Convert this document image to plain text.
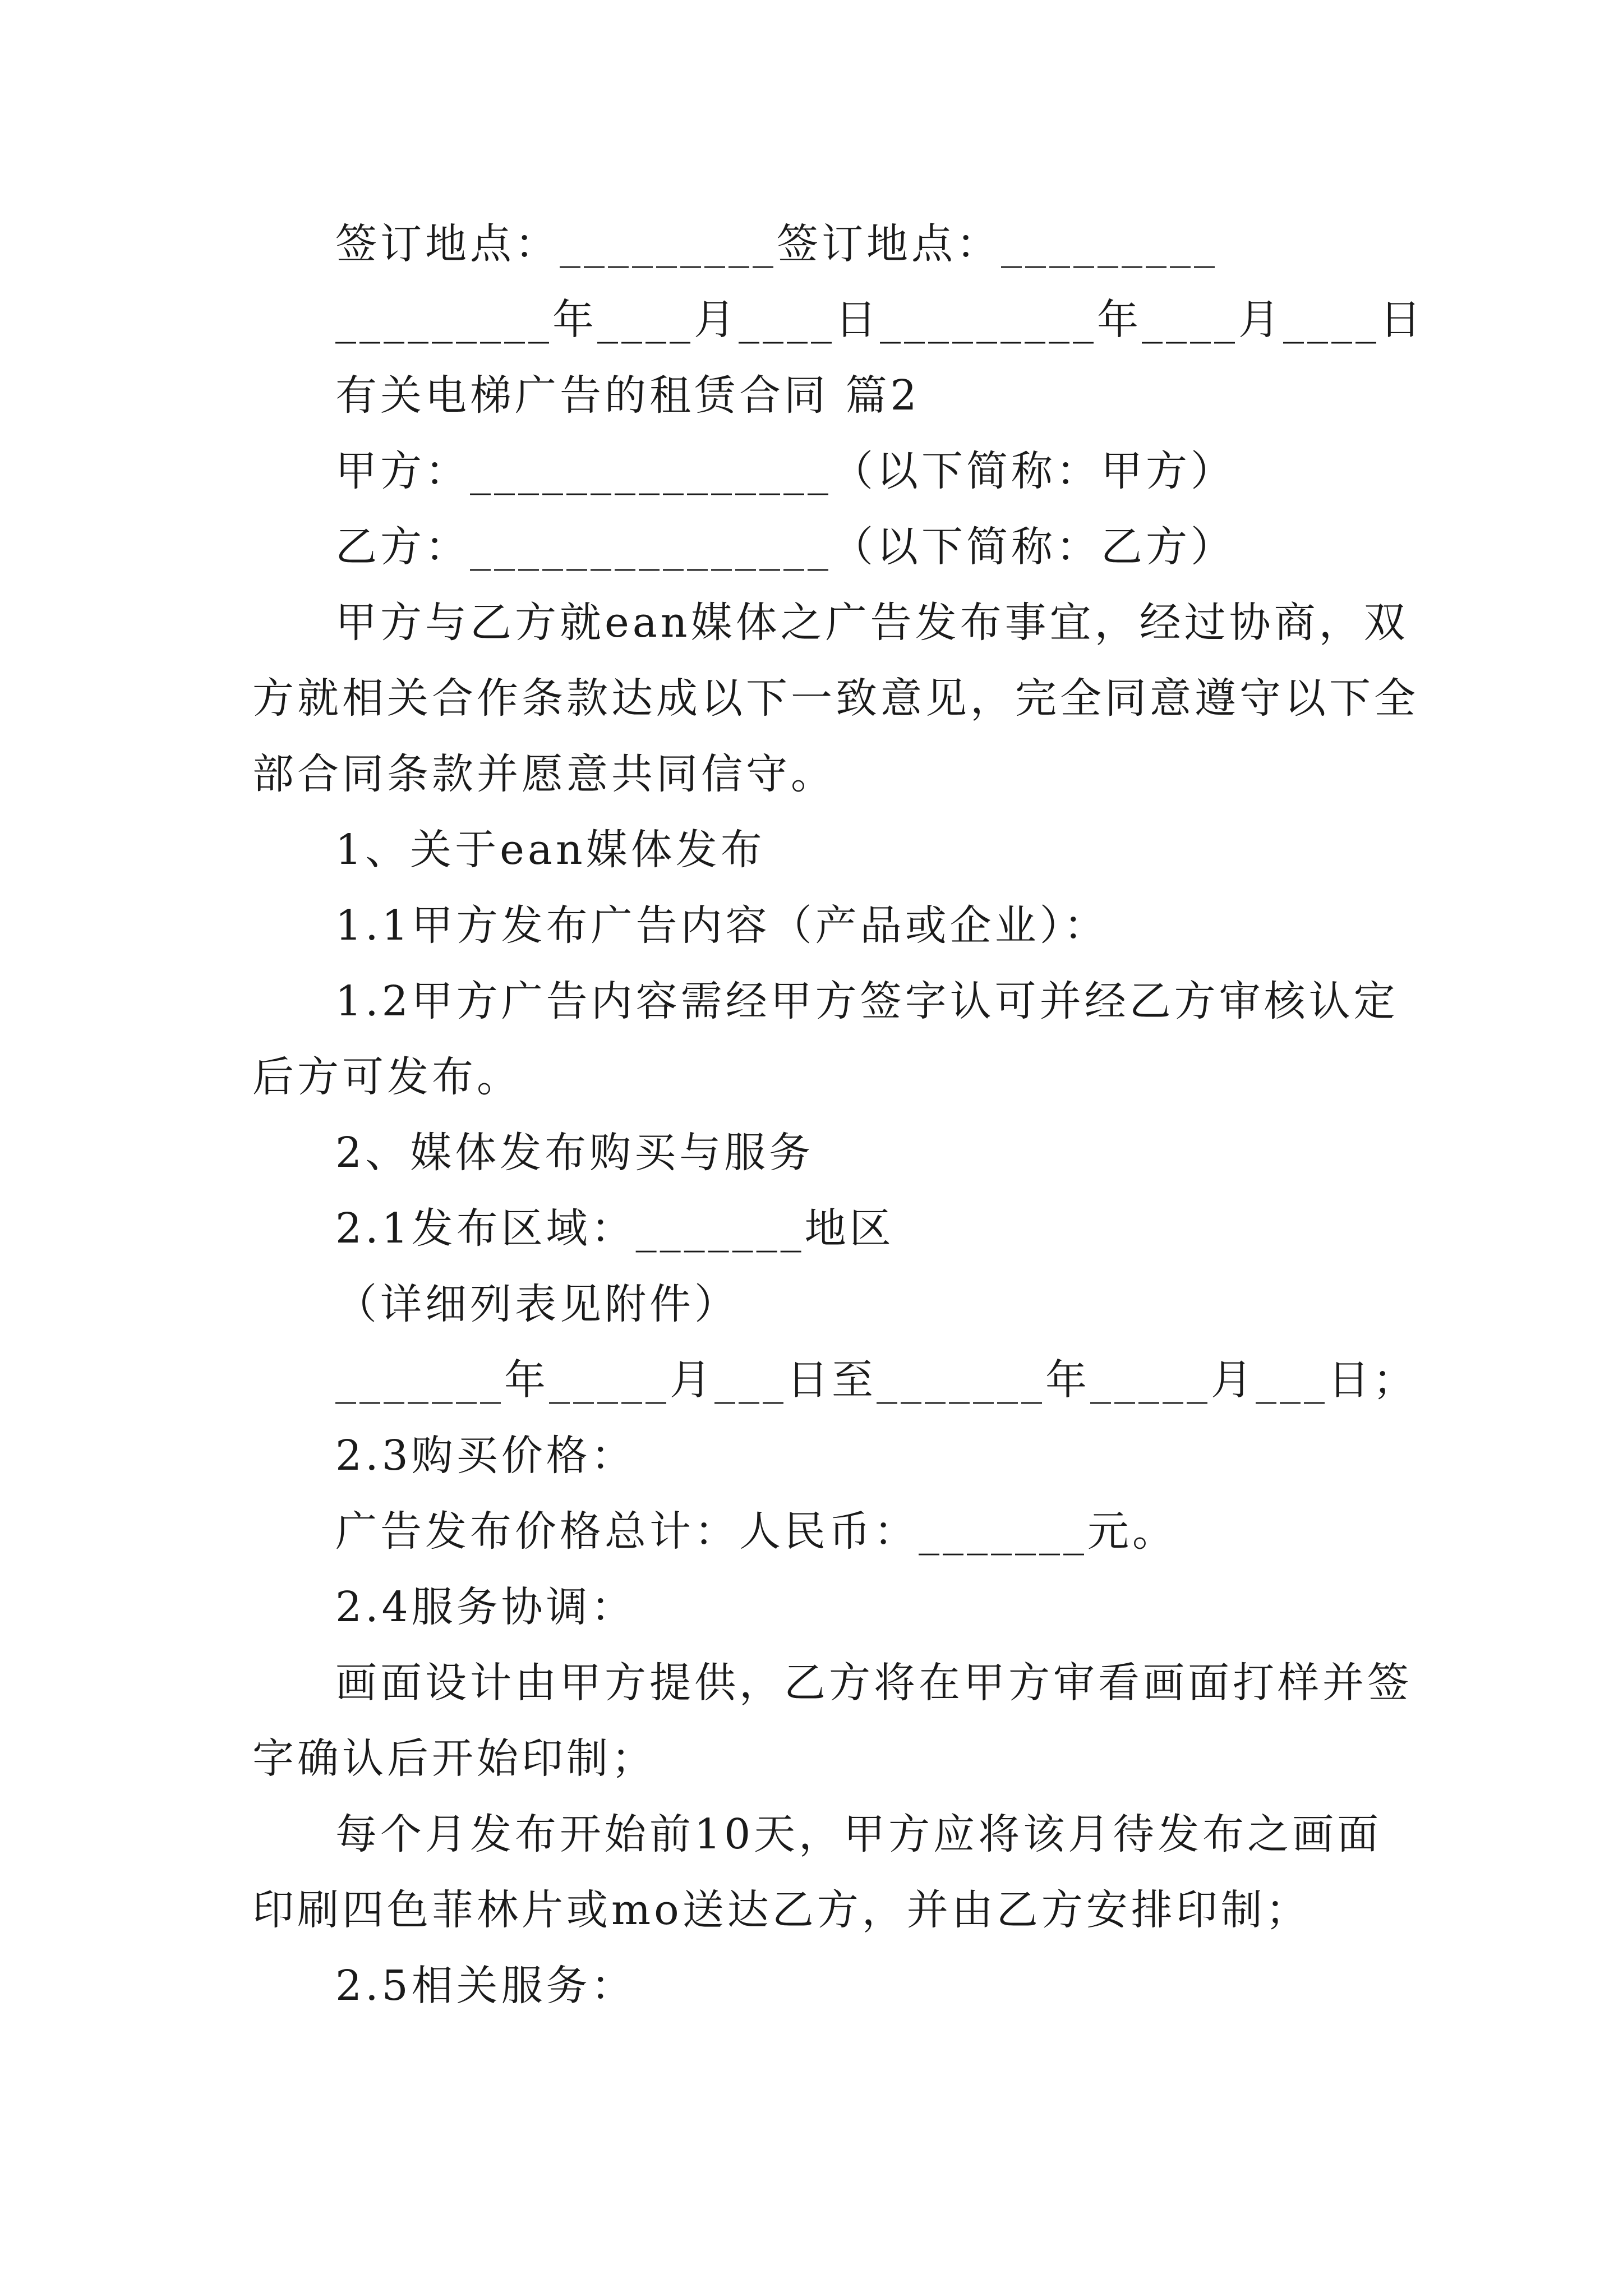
签订地点：_________签订地点：_________
_________年____月____日_________年____月____日
有关电梯广告的租赁合同 篇2
甲方：_______________（以下简称：甲方）
乙方：_______________（以下简称：乙方）
甲方与乙方就ean媒体之广告发布事宜，经过协商，双
方就相关合作条款达成以下一致意见，完全同意遵守以下全
部合同条款并愿意共同信守。
1、关于ean媒体发布
1.1甲方发布广告内容（产品或企业）：
1.2甲方广告内容需经甲方签字认可并经乙方审核认定
后方可发布。
2、媒体发布购买与服务
2.1发布区域：_______地区
（详细列表见附件）
_______年_____月___日至_______年_____月___日；
2.3购买价格：
广告发布价格总计：人民币：_______元。
2.4服务协调：
画面设计由甲方提供，乙方将在甲方审看画面打样并签
字确认后开始印制；
每个月发布开始前10天，甲方应将该月待发布之画面
印刷四色菲林片或mo送达乙方，并由乙方安排印制；
2.5相关服务：
